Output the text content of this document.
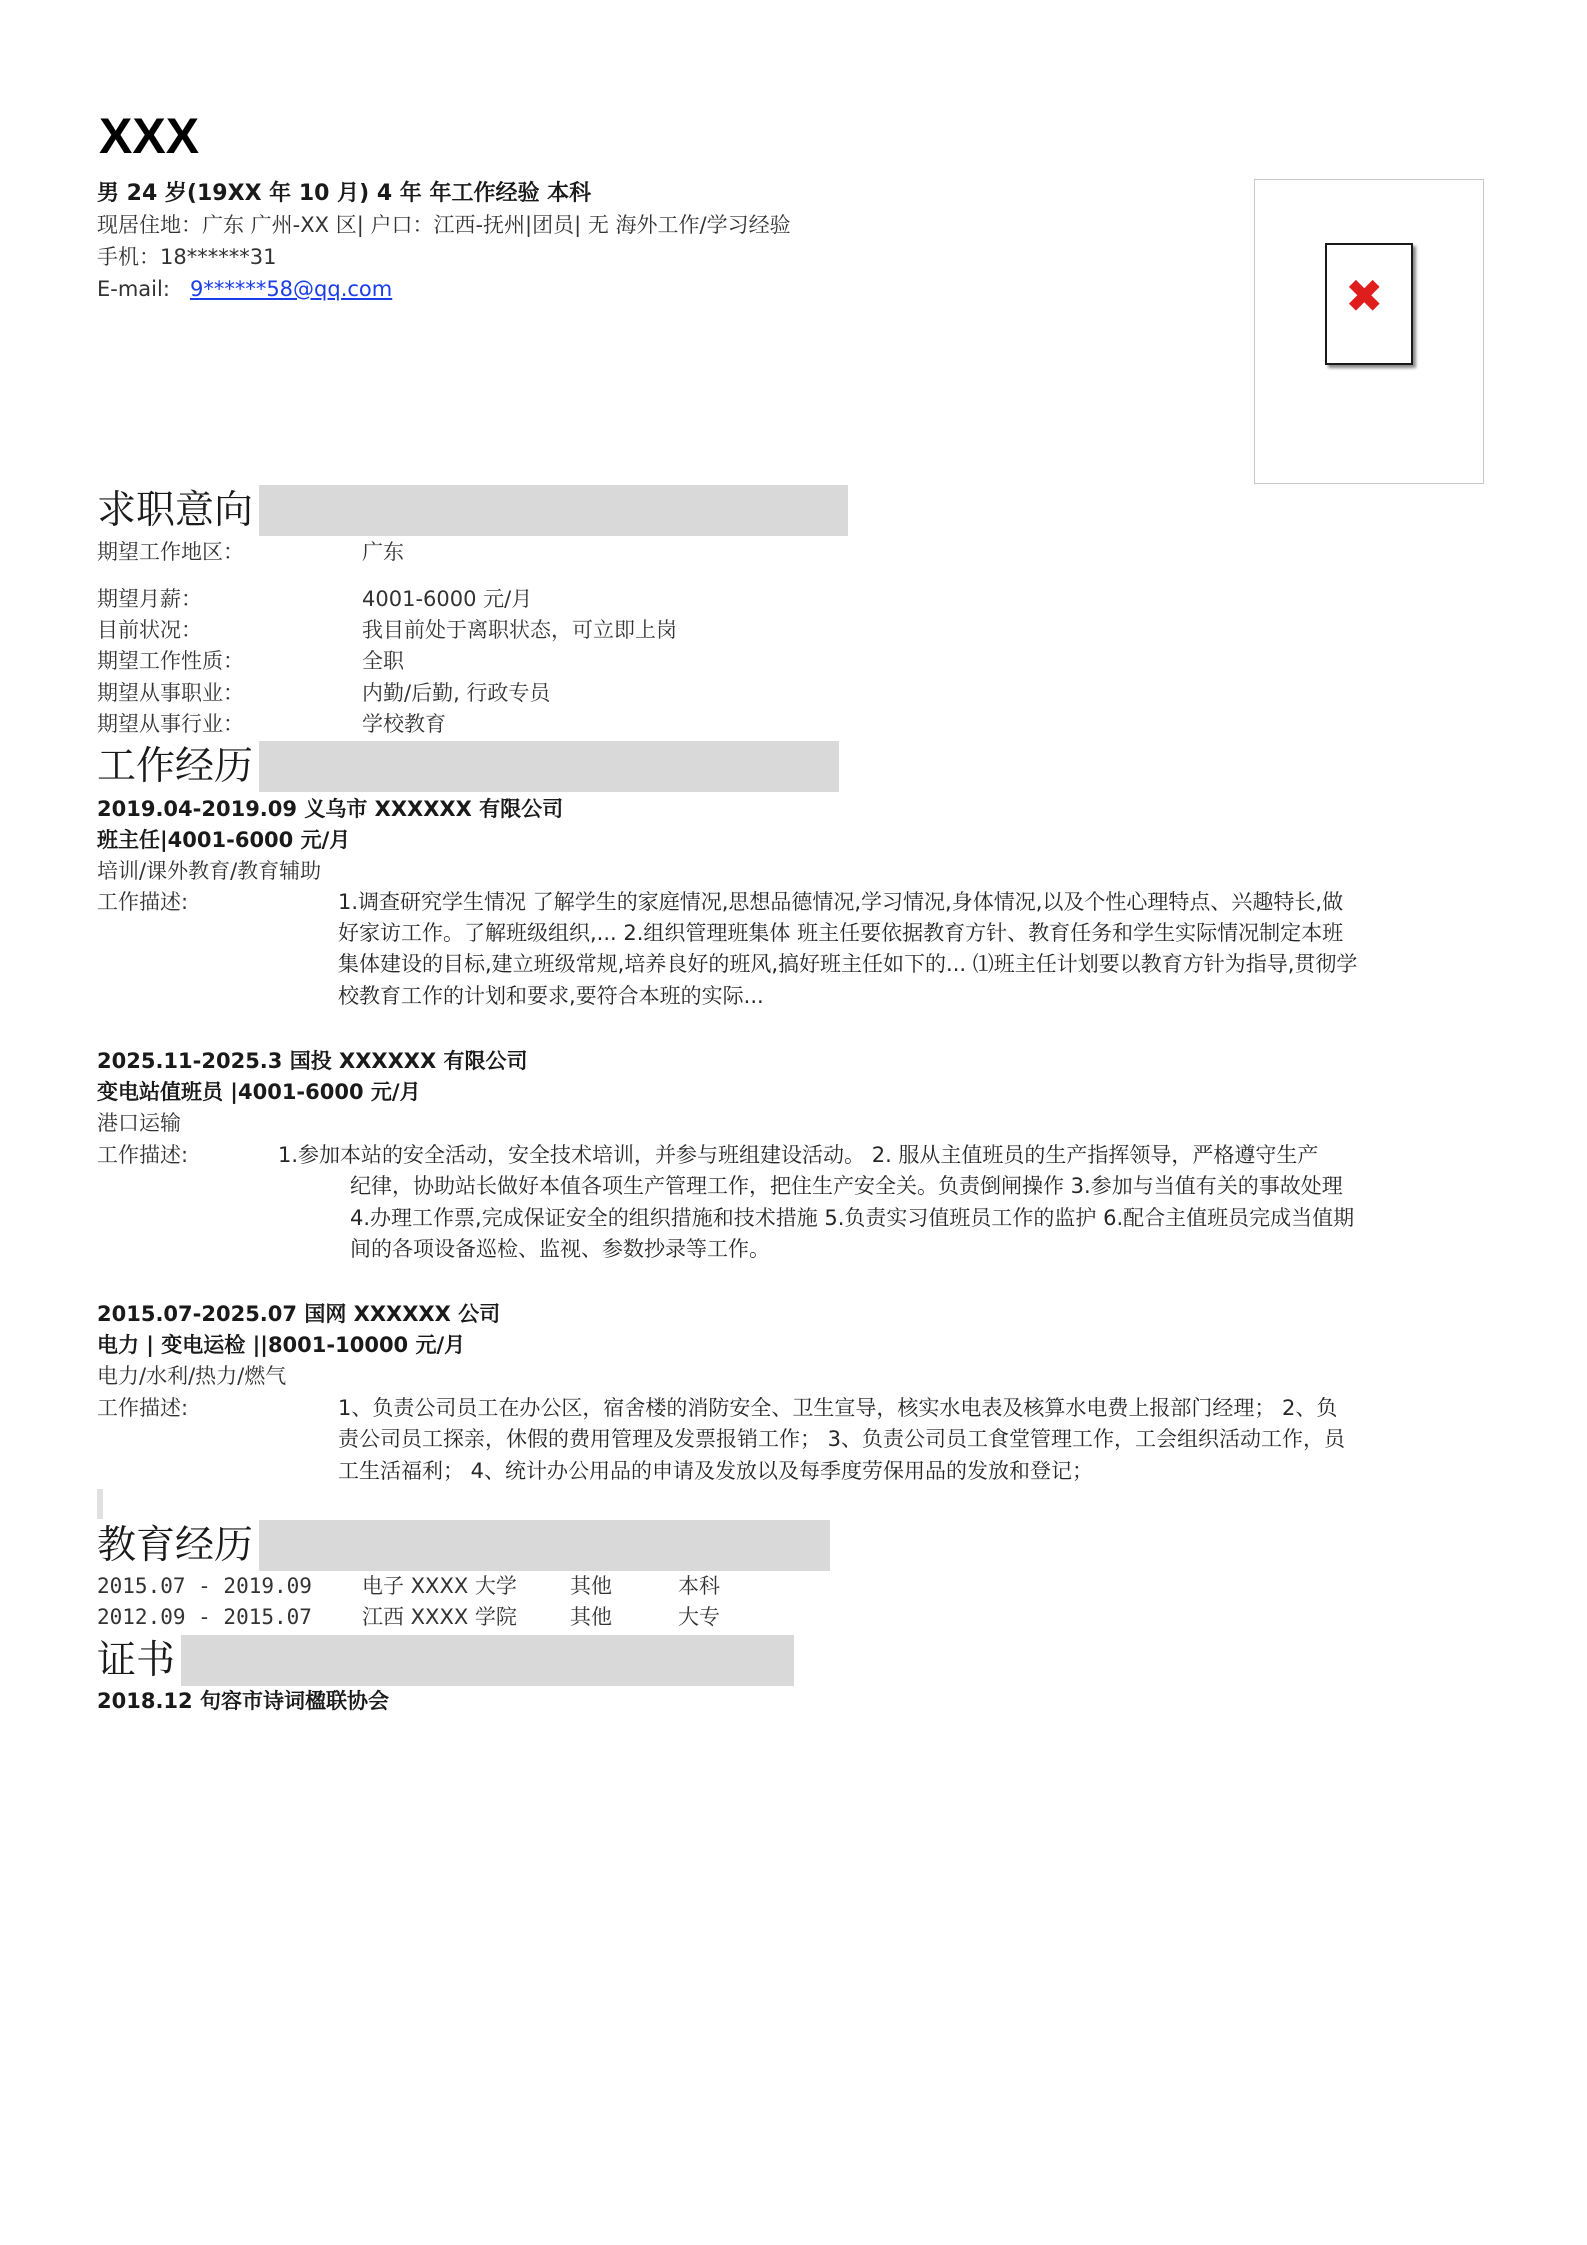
XXX
男 24 岁(19XX 年 10 月) 4 年 年工作经验 本科
现居住地：广东 广州-XX 区| 户口：江西-抚州|团员| 无 海外工作/学习经验
手机：18******31
E-mail: 9******58@qq.com	✖
求职意向
期望工作地区：	广东
期望月薪：	4001-6000 元/月
目前状况：	我目前处于离职状态，可立即上岗
期望工作性质：	全职
期望从事职业：	内勤/后勤, 行政专员
期望从事行业：	学校教育
工作经历
2019.04-2019.09 义乌市 XXXXXX 有限公司
班主任|4001-6000 元/月
培训/课外教育/教育辅助
工作描述:	1.调查研究学生情况 了解学生的家庭情况,思想品德情况,学习情况,身体情况,以及个性心理特点、兴趣特长,做
好家访工作。了解班级组织,... 2.组织管理班集体 班主任要依据教育方针、教育任务和学生实际情况制定本班
集体建设的目标,建立班级常规,培养良好的班风,搞好班主任如下的... ⑴班主任计划要以教育方针为指导,贯彻学
校教育工作的计划和要求,要符合本班的实际...
2025.11-2025.3 国投 XXXXXX 有限公司
变电站值班员 |4001-6000 元/月
港口运输
工作描述:	1.参加本站的安全活动，安全技术培训，并参与班组建设活动。 2. 服从主值班员的生产指挥领导，严格遵守生产
纪律，协助站长做好本值各项生产管理工作，把住生产安全关。负责倒闸操作 3.参加与当值有关的事故处理
4.办理工作票,完成保证安全的组织措施和技术措施 5.负责实习值班员工作的监护 6.配合主值班员完成当值期
间的各项设备巡检、监视、参数抄录等工作。
2015.07-2025.07 国网 XXXXXX 公司
电力 | 变电运检 ||8001-10000 元/月
电力/水利/热力/燃气
工作描述:	1、负责公司员工在办公区，宿舍楼的消防安全、卫生宣导，核实水电表及核算水电费上报部门经理； 2、负
责公司员工探亲，休假的费用管理及发票报销工作； 3、负责公司员工食堂管理工作，工会组织活动工作，员
工生活福利； 4、统计办公用品的申请及发放以及每季度劳保用品的发放和登记；
教育经历
2015.07 - 2019.09 电子 XXXX 大学	其他	本科
2012.09 - 2015.07 江西 XXXX 学院	其他	大专
证书
2018.12 句容市诗词楹联协会
